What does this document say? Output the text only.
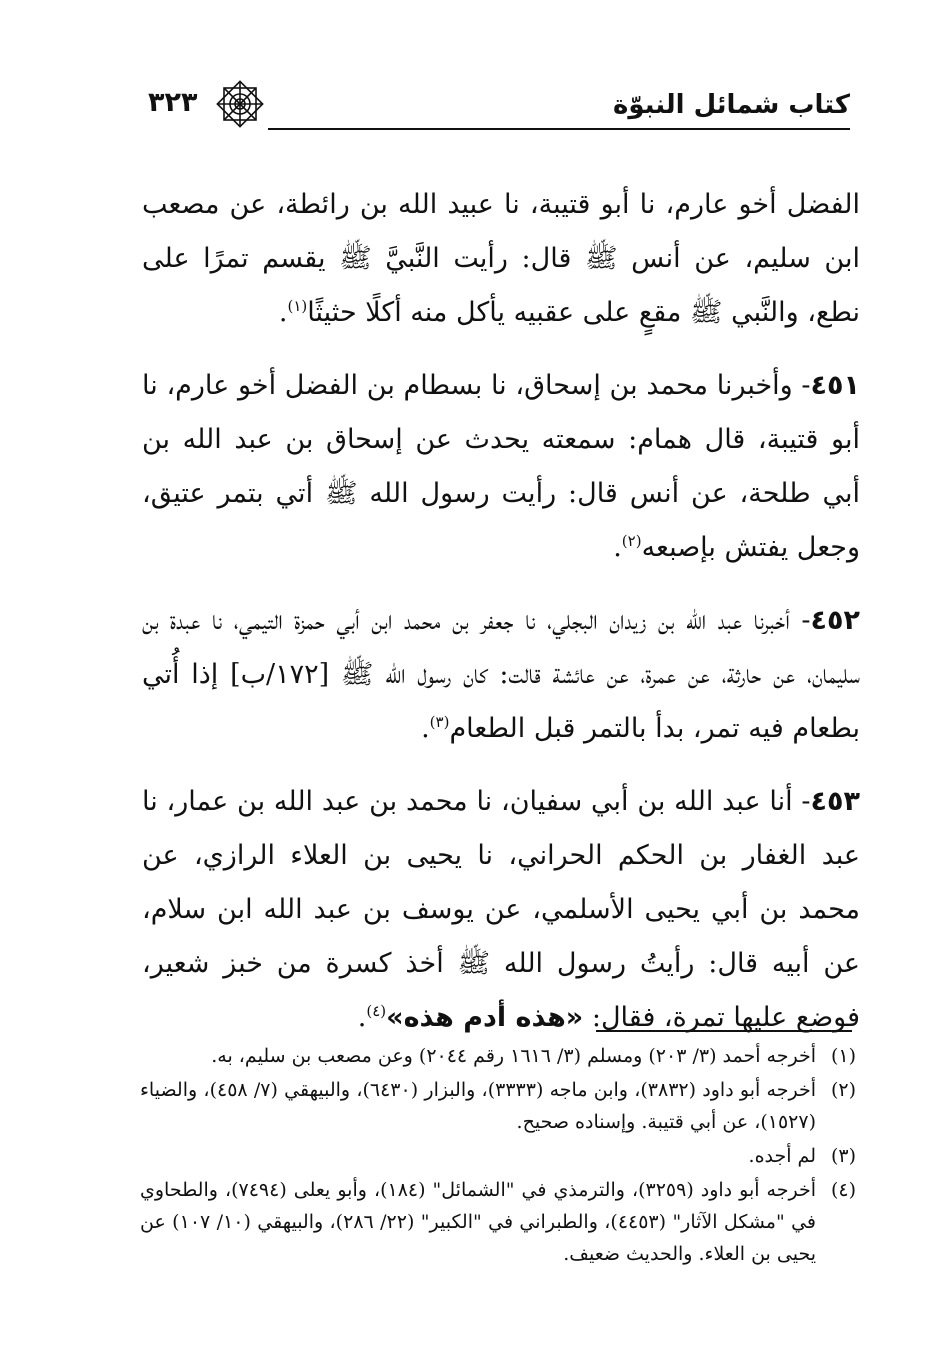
كتاب شمائل النبوّة
٣٢٣

الفضل أخو عارم، نا أبو قتيبة، نا عبيد الله بن رائطة، عن مصعب ابن سليم، عن أنس ﷺ قال: رأيت النَّبيَّ ﷺ يقسم تمرًا على نطع، والنَّبي ﷺ مقعٍ على عقبيه يأكل منه أكلًا حثيثًا$^{(١)}$.

٤٥١- وأخبرنا محمد بن إسحاق، نا بسطام بن الفضل أخو عارم، نا أبو قتيبة، قال همام: سمعته يحدث عن إسحاق بن عبد الله بن أبي طلحة، عن أنس قال: رأيت رسول الله ﷺ أتي بتمر عتيق، وجعل يفتش بإصبعه$^{(٢)}$.

٤٥٢- أخبرنا عبد الله بن زيدان البجلي، نا جعفر بن محمد ابن أبي حمزة التيمي، نا عبدة بن سليمان، عن حارثة، عن عمرة، عن عائشة قالت: كان رسول الله ﷺ [١٧٢/ب] إذا أُتي بطعام فيه تمر، بدأ بالتمر قبل الطعام$^{(٣)}$.

٤٥٣- أنا عبد الله بن أبي سفيان، نا محمد بن عبد الله بن عمار، نا عبد الغفار بن الحكم الحراني، نا يحيى بن العلاء الرازي، عن محمد بن أبي يحيى الأسلمي، عن يوسف بن عبد الله ابن سلام، عن أبيه قال: رأيتُ رسول الله ﷺ أخذ كسرة من خبز شعير، فوضع عليها تمرة، فقال: «هذه أدم هذه»$^{(٤)}$.

(١)
أخرجه أحمد (٣/ ٢٠٣) ومسلم (٣/ ١٦١٦ رقم ٢٠٤٤) وعن مصعب بن سليم، به.
(٢)
أخرجه أبو داود (٣٨٣٢)، وابن ماجه (٣٣٣٣)، والبزار (٦٤٣٠)، والبيهقي (٧/ ٤٥٨)، والضياء (١٥٢٧)، عن أبي قتيبة. وإسناده صحيح.
(٣)
لم أجده.
(٤)
أخرجه أبو داود (٣٢٥٩)، والترمذي في "الشمائل" (١٨٤)، وأبو يعلى (٧٤٩٤)، والطحاوي في "مشكل الآثار" (٤٤٥٣)، والطبراني في "الكبير" (٢٢/ ٢٨٦)، والبيهقي (١٠/ ١٠٧) عن يحيى بن العلاء. والحديث ضعيف.
